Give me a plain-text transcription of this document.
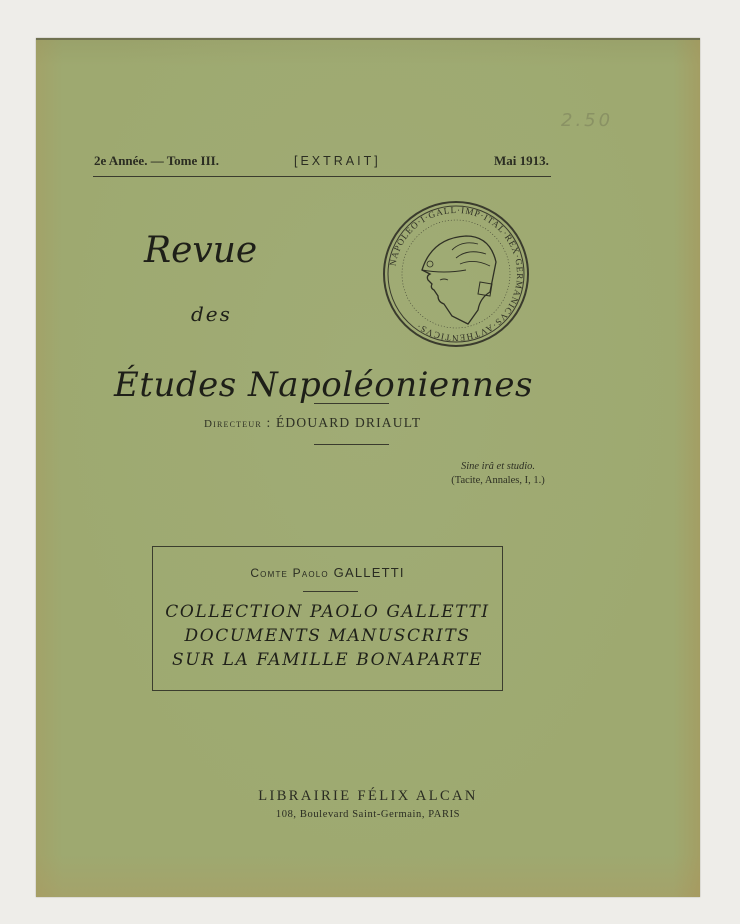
2.50
2e Année. — Tome III.	[EXTRAIT]	Mai 1913.
Revue
des
Études Napoléoniennes
NAPOLEO·I·GALL·IMP·ITAL·REX·GERMANICVS·AVTHENTICVS·
Directeur : ÉDOUARD DRIAULT
Sine irâ et studio.
(Tacite, Annales, I, 1.)
Comte Paolo GALLETTI
COLLECTION PAOLO GALLETTI
DOCUMENTS MANUSCRITS
SUR LA FAMILLE BONAPARTE
LIBRAIRIE FÉLIX ALCAN
108, Boulevard Saint-Germain, PARIS
